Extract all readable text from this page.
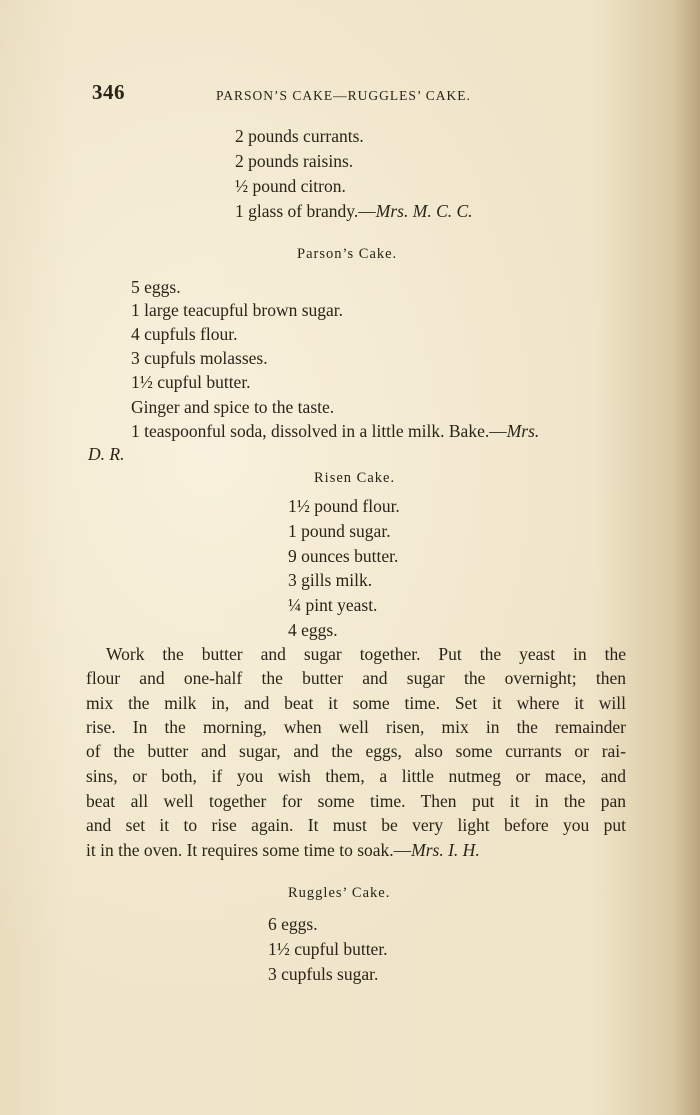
346	PARSON’S CAKE—RUGGLES’ CAKE.
2 pounds currants.
2 pounds raisins.
½ pound citron.
1 glass of brandy.—Mrs. M. C. C.
Parson’s Cake.
5 eggs.
1 large teacupful brown sugar.
4 cupfuls flour.
3 cupfuls molasses.
1½ cupful butter.
Ginger and spice to the taste.
1 teaspoonful soda, dissolved in a little milk. Bake.—Mrs.
D. R.
Risen Cake.
1½ pound flour.
1 pound sugar.
9 ounces butter.
3 gills milk.
¼ pint yeast.
4 eggs.
Work the butter and sugar together. Put the yeast in the
flour and one-half the butter and sugar the overnight; then
mix the milk in, and beat it some time. Set it where it will
rise. In the morning, when well risen, mix in the remainder
of the butter and sugar, and the eggs, also some currants or rai-
sins, or both, if you wish them, a little nutmeg or mace, and
beat all well together for some time. Then put it in the pan
and set it to rise again. It must be very light before you put
it in the oven. It requires some time to soak.—Mrs. I. H.
Ruggles’ Cake.
6 eggs.
1½ cupful butter.
3 cupfuls sugar.
